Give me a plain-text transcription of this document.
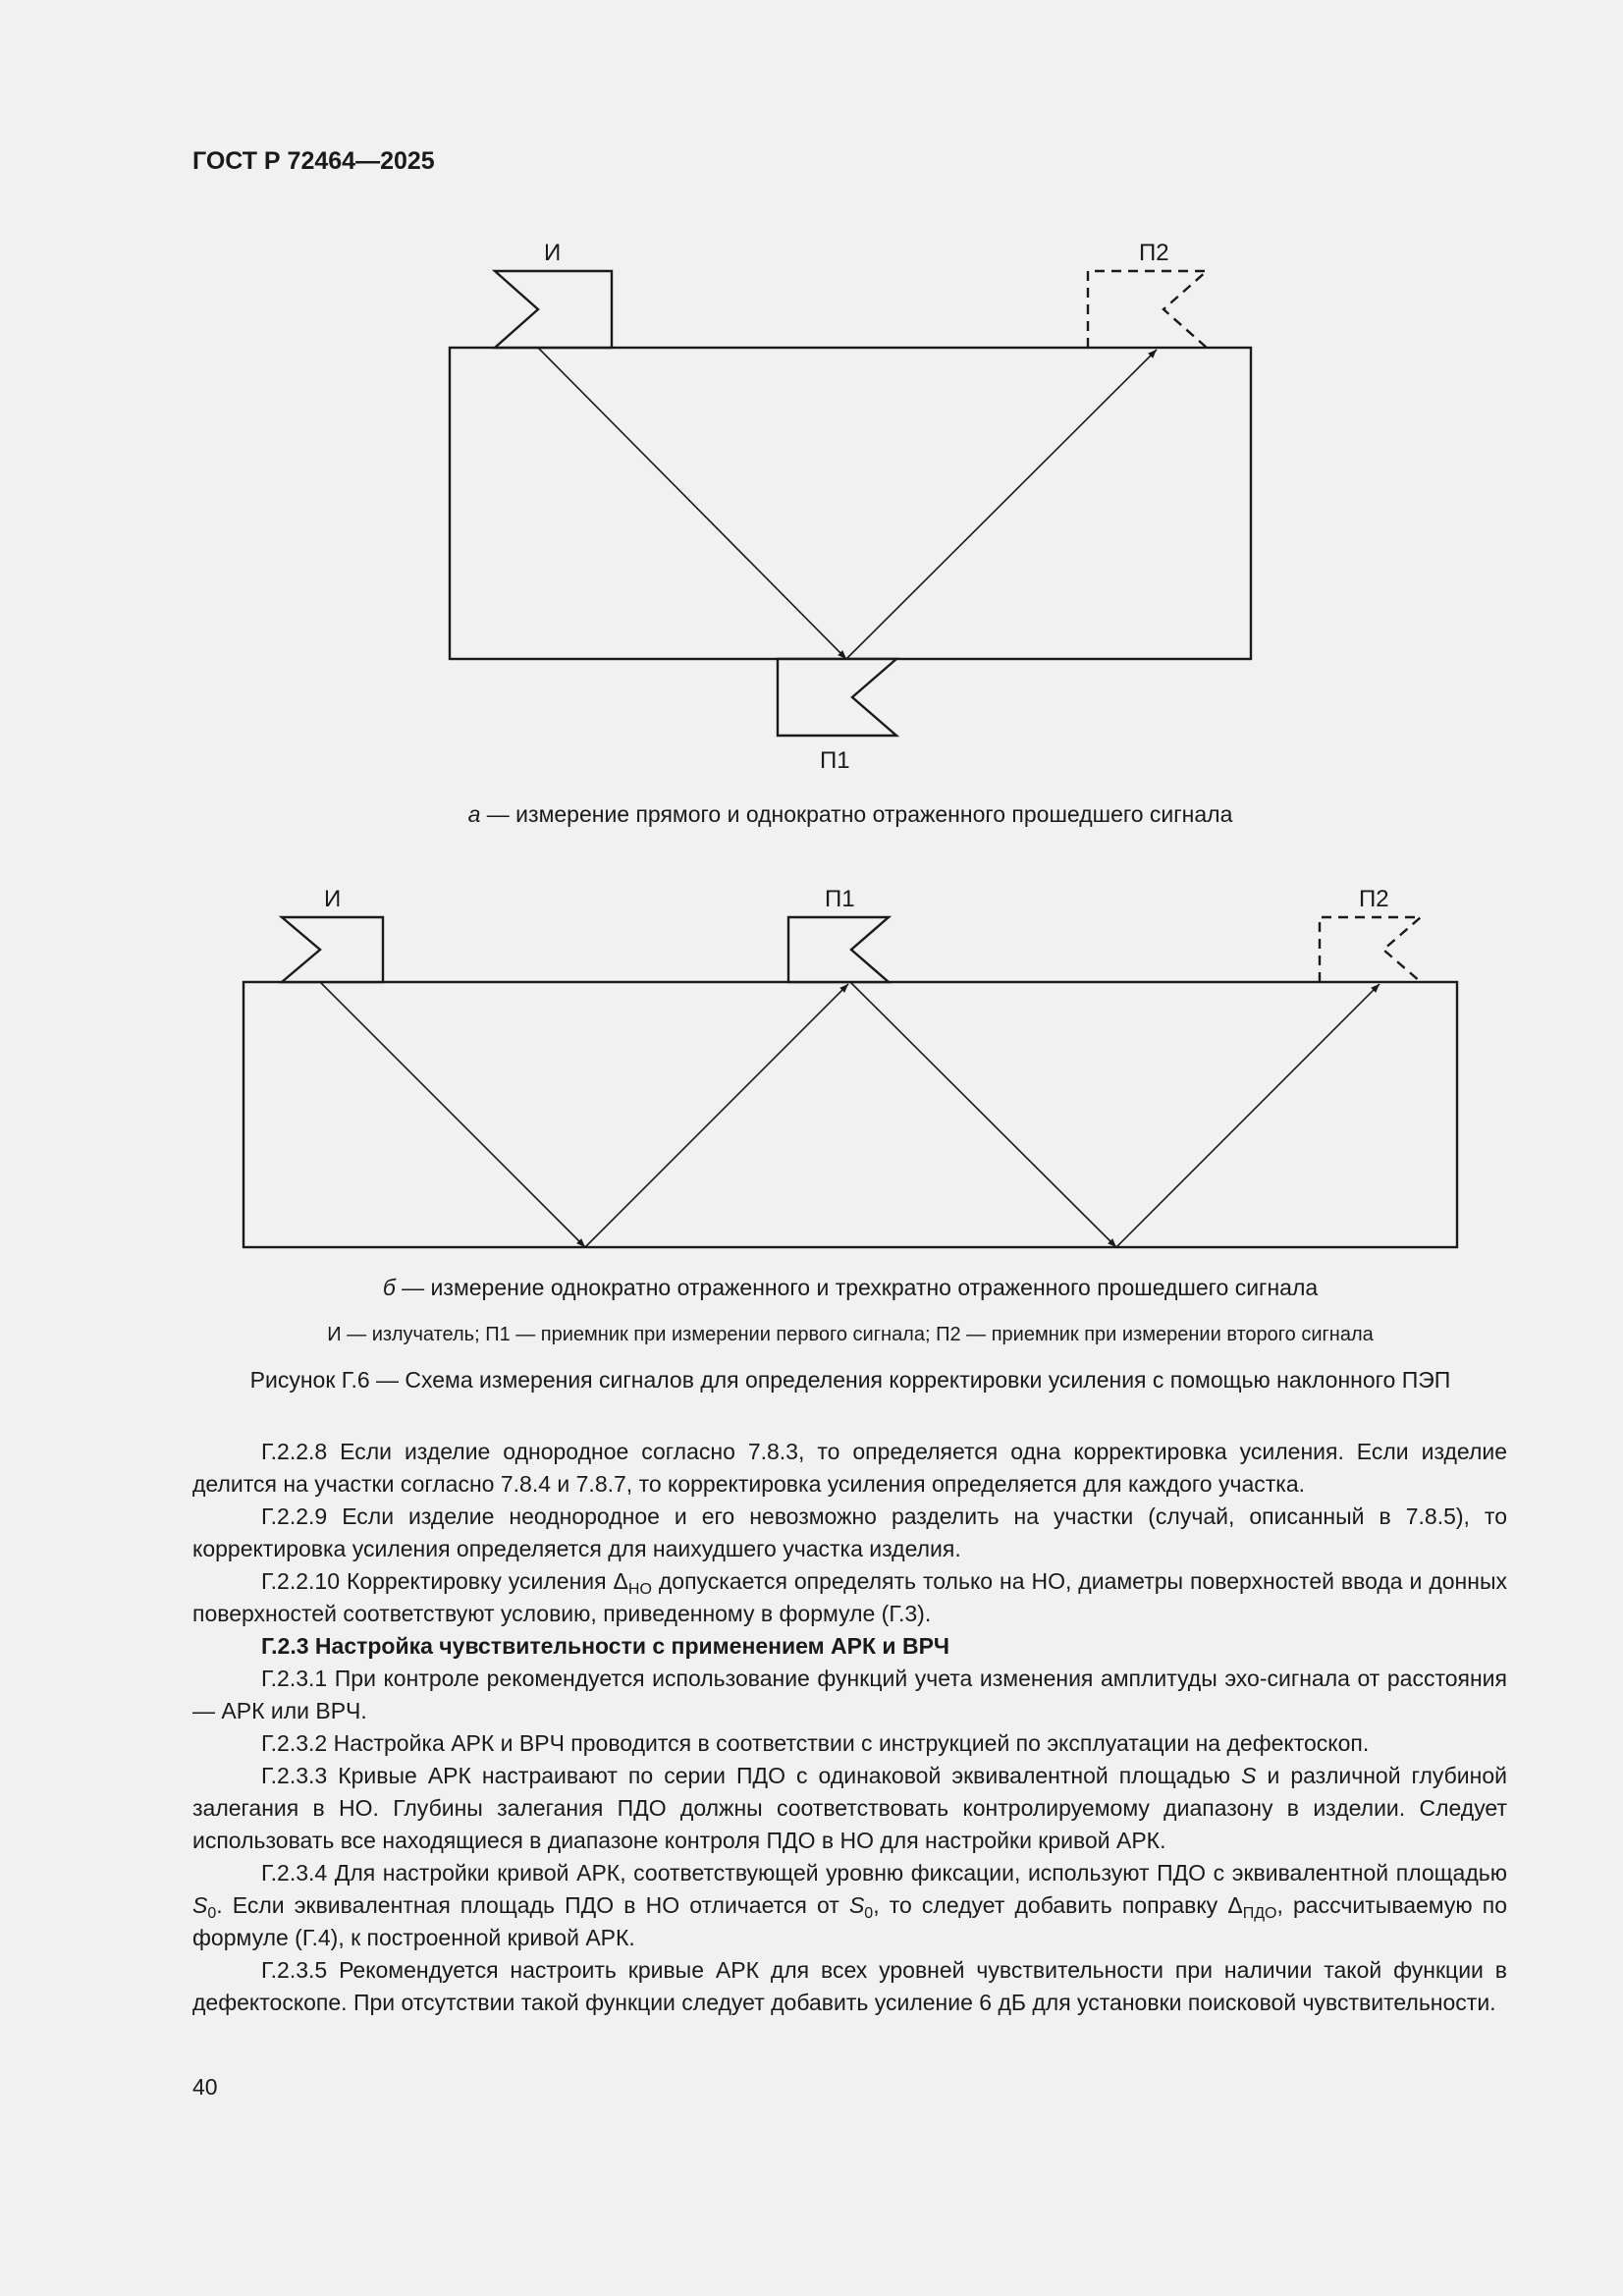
ГОСТ Р 72464—2025
И	П2
П1
а — измерение прямого и однократно отраженного прошедшего сигнала
И	П1	П2
б — измерение однократно отраженного и трехкратно отраженного прошедшего сигнала
И — излучатель; П1 — приемник при измерении первого сигнала; П2 — приемник при измерении второго сигнала
Рисунок Г.6 — Схема измерения сигналов для определения корректировки усиления с помощью наклонного ПЭП

Г.2.2.8 Если изделие однородное согласно 7.8.3, то определяется одна корректировка усиления. Если изделие делится на участки согласно 7.8.4 и 7.8.7, то корректировка усиления определяется для каждого участка.

Г.2.2.9 Если изделие неоднородное и его невозможно разделить на участки (случай, описанный в 7.8.5), то корректировка усиления определяется для наихудшего участка изделия.

Г.2.2.10 Корректировку усиления $\Delta_{НО}$ допускается определять только на НО, диаметры поверхностей ввода и донных поверхностей соответствуют условию, приведенному в формуле (Г.3).

Г.2.3 Настройка чувствительности с применением АРК и ВРЧ

Г.2.3.1 При контроле рекомендуется использование функций учета изменения амплитуды эхо-сигнала от расстояния — АРК или ВРЧ.

Г.2.3.2 Настройка АРК и ВРЧ проводится в соответствии с инструкцией по эксплуатации на дефектоскоп.

Г.2.3.3 Кривые АРК настраивают по серии ПДО с одинаковой эквивалентной площадью S и различной глубиной залегания в НО. Глубины залегания ПДО должны соответствовать контролируемому диапазону в изделии. Следует использовать все находящиеся в диапазоне контроля ПДО в НО для настройки кривой АРК.

Г.2.3.4 Для настройки кривой АРК, соответствующей уровню фиксации, используют ПДО с эквивалентной площадью $S_0$. Если эквивалентная площадь ПДО в НО отличается от $S_0$, то следует добавить поправку $\Delta_{ПДО}$, рассчитываемую по формуле (Г.4), к построенной кривой АРК.

Г.2.3.5 Рекомендуется настроить кривые АРК для всех уровней чувствительности при наличии такой функции в дефектоскопе. При отсутствии такой функции следует добавить усиление 6 дБ для установки поисковой чувствительности.

40
